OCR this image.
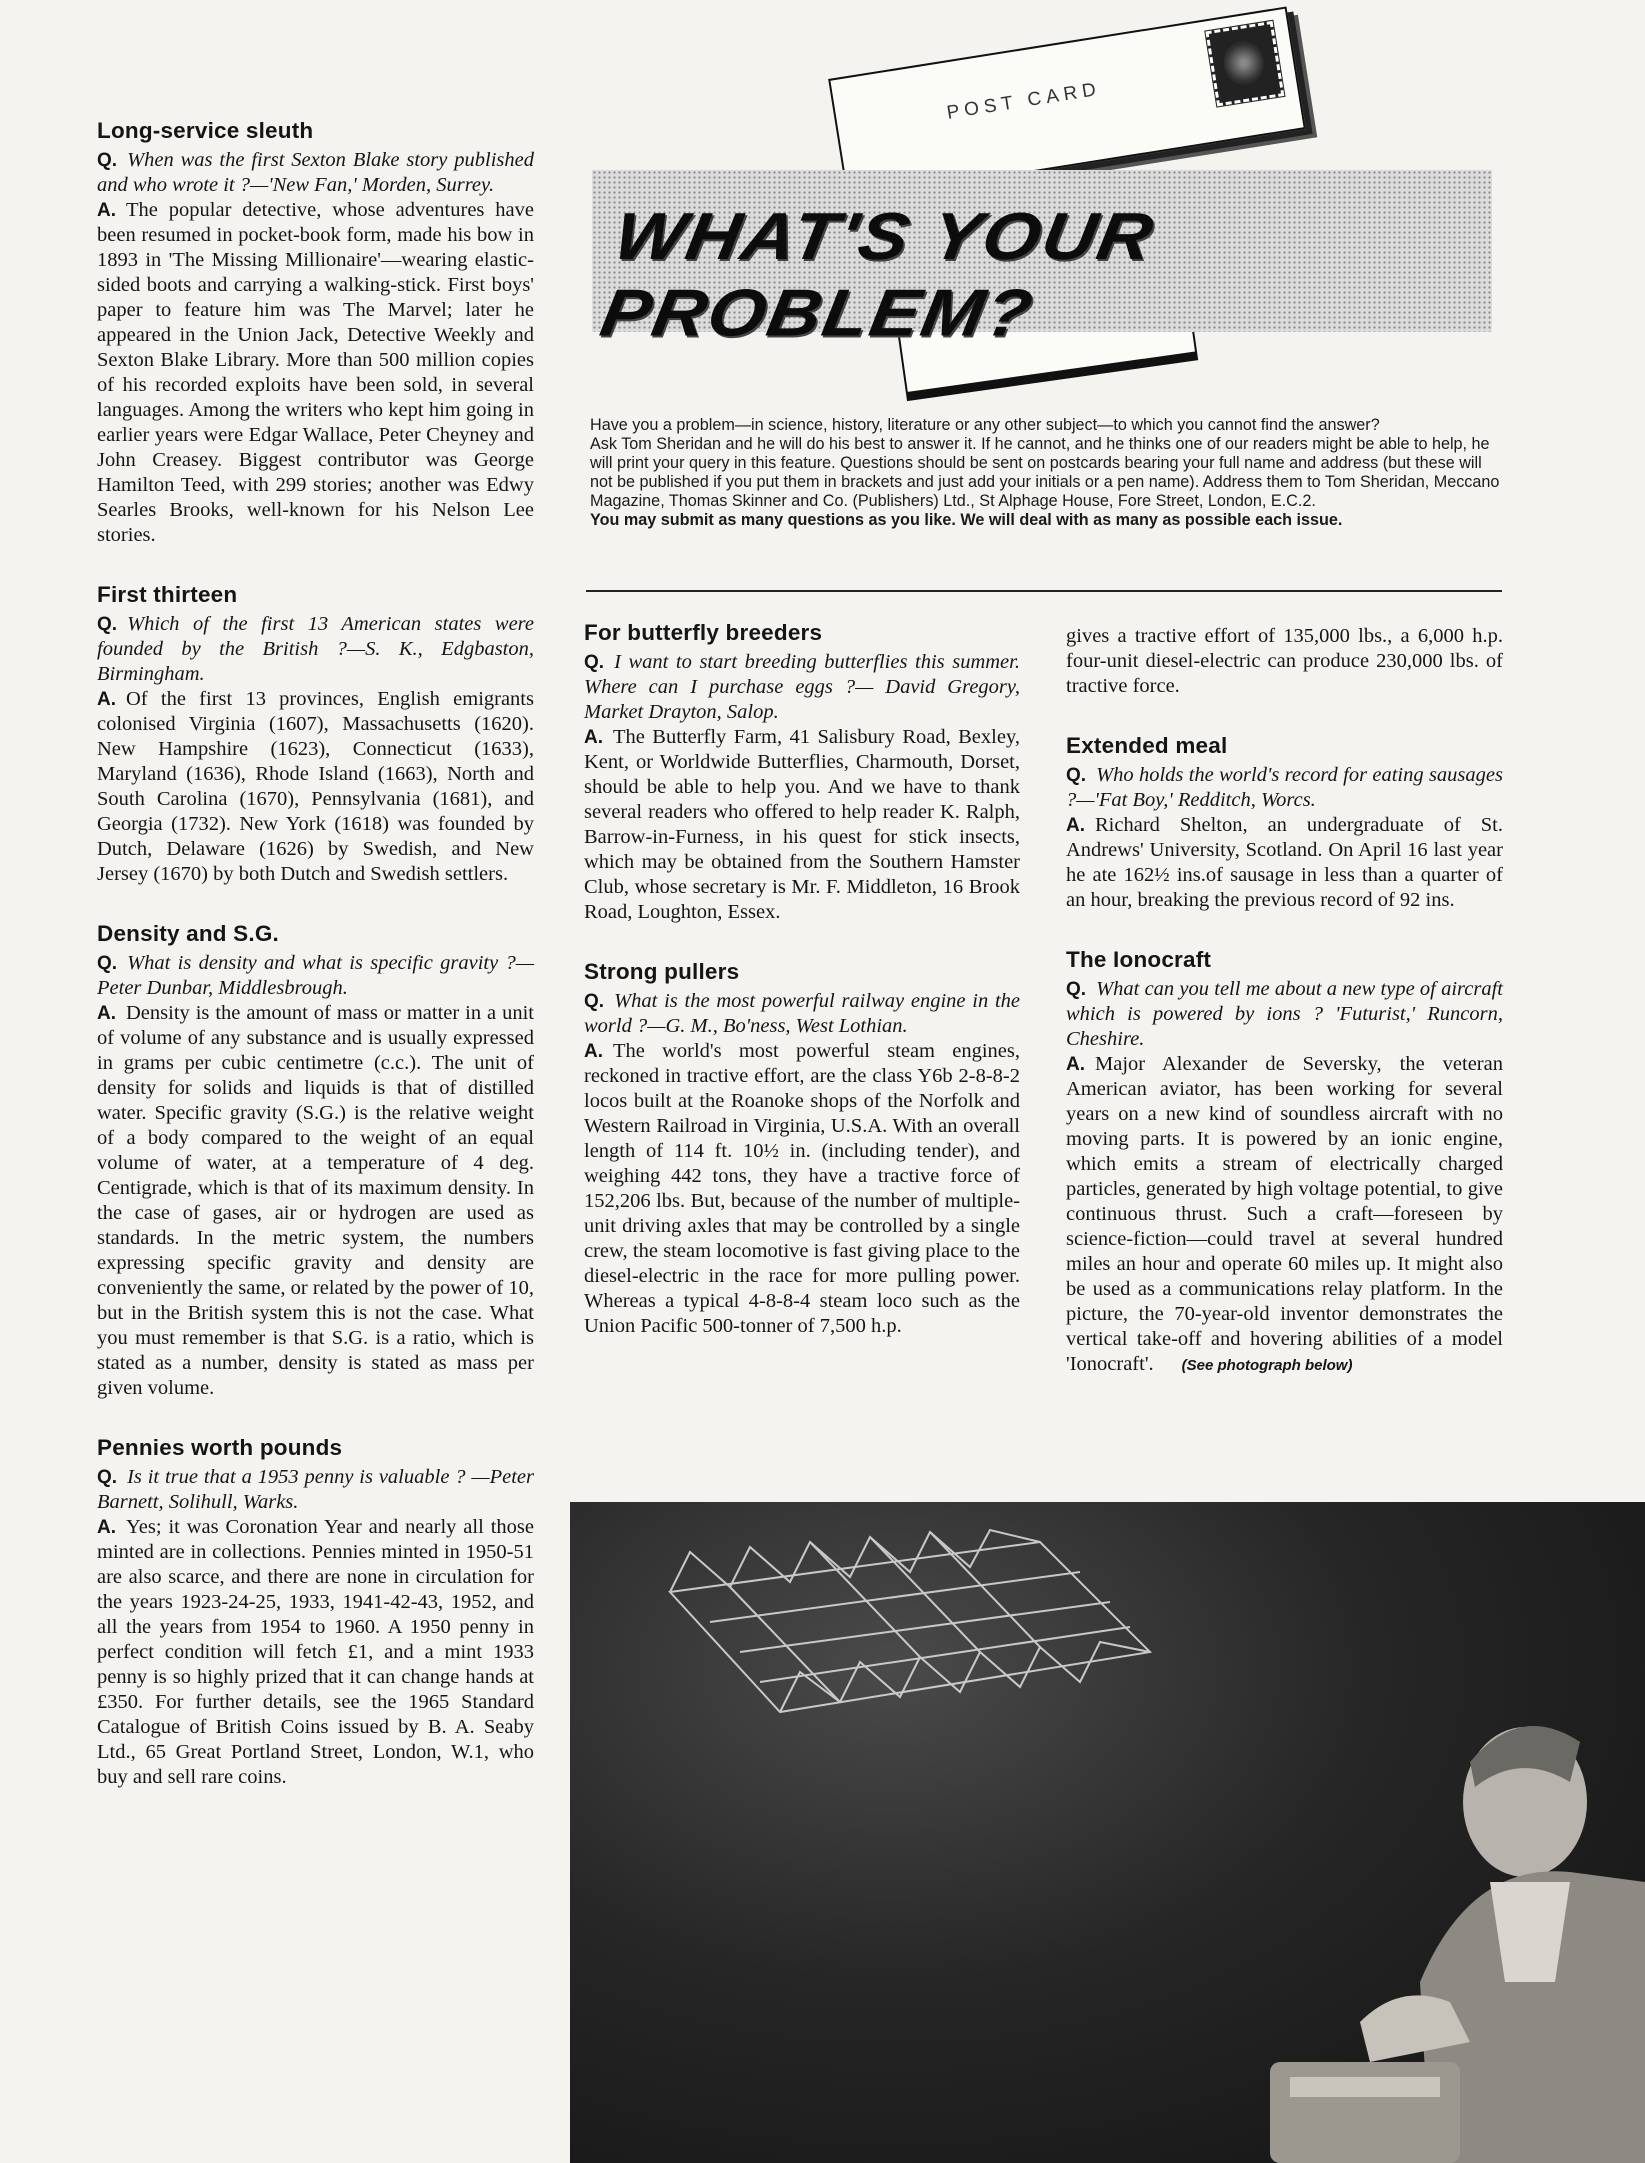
POST CARD
WHAT'S YOUR PROBLEM?

Have you a problem—in science, history, literature or any other subject—to which you cannot find the answer?

Ask Tom Sheridan and he will do his best to answer it. If he cannot, and he thinks one of our readers might be able to help, he will print your query in this feature. Questions should be sent on postcards bearing your full name and address (but these will not be published if you put them in brackets and just add your initials or a pen name). Address them to Tom Sheridan, Meccano Magazine, Thomas Skinner and Co. (Publishers) Ltd., St Alphage House, Fore Street, London, E.C.2.

You may submit as many questions as you like. We will deal with as many as possible each issue.

Long-service sleuth

Q. When was the first Sexton Blake story published and who wrote it ?—'New Fan,' Morden, Surrey.

A. The popular detective, whose adventures have been resumed in pocket-book form, made his bow in 1893 in 'The Missing Millionaire'—wearing elastic-sided boots and carrying a walking-stick. First boys' paper to feature him was The Marvel; later he appeared in the Union Jack, Detective Weekly and Sexton Blake Library. More than 500 million copies of his recorded exploits have been sold, in several languages. Among the writers who kept him going in earlier years were Edgar Wallace, Peter Cheyney and John Creasey. Biggest contributor was George Hamilton Teed, with 299 stories; another was Edwy Searles Brooks, well-known for his Nelson Lee stories.

First thirteen

Q. Which of the first 13 American states were founded by the British ?—S. K., Edgbaston, Birmingham.

A. Of the first 13 provinces, English emigrants colonised Virginia (1607), Massachusetts (1620). New Hampshire (1623), Connecticut (1633), Maryland (1636), Rhode Island (1663), North and South Carolina (1670), Pennsylvania (1681), and Georgia (1732). New York (1618) was founded by Dutch, Delaware (1626) by Swedish, and New Jersey (1670) by both Dutch and Swedish settlers.

Density and S.G.

Q. What is density and what is specific gravity ?—Peter Dunbar, Middlesbrough.

A. Density is the amount of mass or matter in a unit of volume of any substance and is usually expressed in grams per cubic centimetre (c.c.). The unit of density for solids and liquids is that of distilled water. Specific gravity (S.G.) is the relative weight of a body compared to the weight of an equal volume of water, at a temperature of 4 deg. Centigrade, which is that of its maximum density. In the case of gases, air or hydrogen are used as standards. In the metric system, the numbers expressing specific gravity and density are conveniently the same, or related by the power of 10, but in the British system this is not the case. What you must remember is that S.G. is a ratio, which is stated as a number, density is stated as mass per given volume.

Pennies worth pounds

Q. Is it true that a 1953 penny is valuable ? —Peter Barnett, Solihull, Warks.

A. Yes; it was Coronation Year and nearly all those minted are in collections. Pennies minted in 1950-51 are also scarce, and there are none in circulation for the years 1923-24-25, 1933, 1941-42-43, 1952, and all the years from 1954 to 1960. A 1950 penny in perfect condition will fetch £1, and a mint 1933 penny is so highly prized that it can change hands at £350. For further details, see the 1965 Standard Catalogue of British Coins issued by B. A. Seaby Ltd., 65 Great Portland Street, London, W.1, who buy and sell rare coins.

For butterfly breeders

Q. I want to start breeding butterflies this summer. Where can I purchase eggs ?— David Gregory, Market Drayton, Salop.

A. The Butterfly Farm, 41 Salisbury Road, Bexley, Kent, or Worldwide Butterflies, Charmouth, Dorset, should be able to help you. And we have to thank several readers who offered to help reader K. Ralph, Barrow-in-Furness, in his quest for stick insects, which may be obtained from the Southern Hamster Club, whose secretary is Mr. F. Middleton, 16 Brook Road, Loughton, Essex.

Strong pullers

Q. What is the most powerful railway engine in the world ?—G. M., Bo'ness, West Lothian.

A. The world's most powerful steam engines, reckoned in tractive effort, are the class Y6b 2-8-8-2 locos built at the Roanoke shops of the Norfolk and Western Railroad in Virginia, U.S.A. With an overall length of 114 ft. 10½ in. (including tender), and weighing 442 tons, they have a tractive force of 152,206 lbs. But, because of the number of multiple-unit driving axles that may be controlled by a single crew, the steam locomotive is fast giving place to the diesel-electric in the race for more pulling power. Whereas a typical 4-8-8-4 steam loco such as the Union Pacific 500-tonner of 7,500 h.p.

gives a tractive effort of 135,000 lbs., a 6,000 h.p. four-unit diesel-electric can produce 230,000 lbs. of tractive force.

Extended meal

Q. Who holds the world's record for eating sausages ?—'Fat Boy,' Redditch, Worcs.

A. Richard Shelton, an undergraduate of St. Andrews' University, Scotland. On April 16 last year he ate 162½ ins.of sausage in less than a quarter of an hour, breaking the previous record of 92 ins.

The Ionocraft

Q. What can you tell me about a new type of aircraft which is powered by ions ? 'Futurist,' Runcorn, Cheshire.

A. Major Alexander de Seversky, the veteran American aviator, has been working for several years on a new kind of soundless aircraft with no moving parts. It is powered by an ionic engine, which emits a stream of electrically charged particles, generated by high voltage potential, to give continuous thrust. Such a craft—foreseen by science-fiction—could travel at several hundred miles an hour and operate 60 miles up. It might also be used as a communications relay platform. In the picture, the 70-year-old inventor demonstrates the vertical take-off and hovering abilities of a model 'Ionocraft'. (See photograph below)
